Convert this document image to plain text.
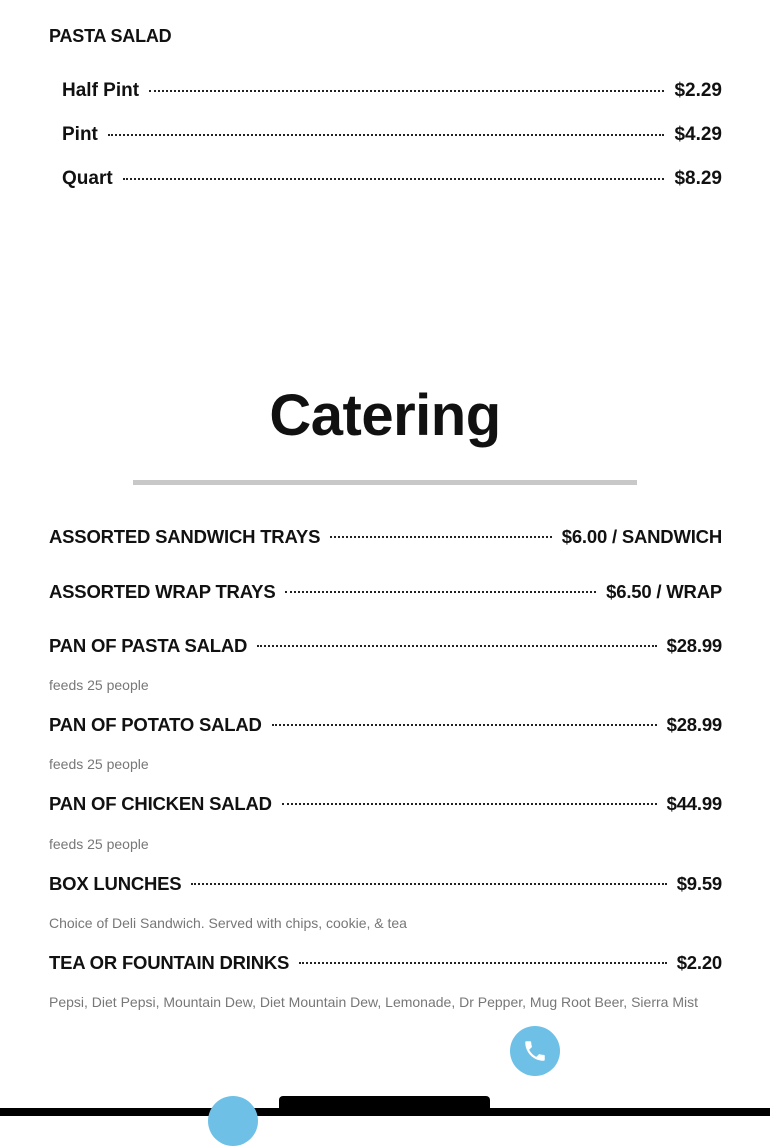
PASTA SALAD
Half Pint	$2.29
Pint	$4.29
Quart	$8.29
Catering
ASSORTED SANDWICH TRAYS	$6.00 / SANDWICH
ASSORTED WRAP TRAYS	$6.50 / WRAP
PAN OF PASTA SALAD	$28.99
feeds 25 people
PAN OF POTATO SALAD	$28.99
feeds 25 people
PAN OF CHICKEN SALAD	$44.99
feeds 25 people
BOX LUNCHES	$9.59
Choice of Deli Sandwich. Served with chips, cookie, & tea
TEA OR FOUNTAIN DRINKS	$2.20
Pepsi, Diet Pepsi, Mountain Dew, Diet Mountain Dew, Lemonade, Dr Pepper, Mug Root Beer, Sierra Mist
